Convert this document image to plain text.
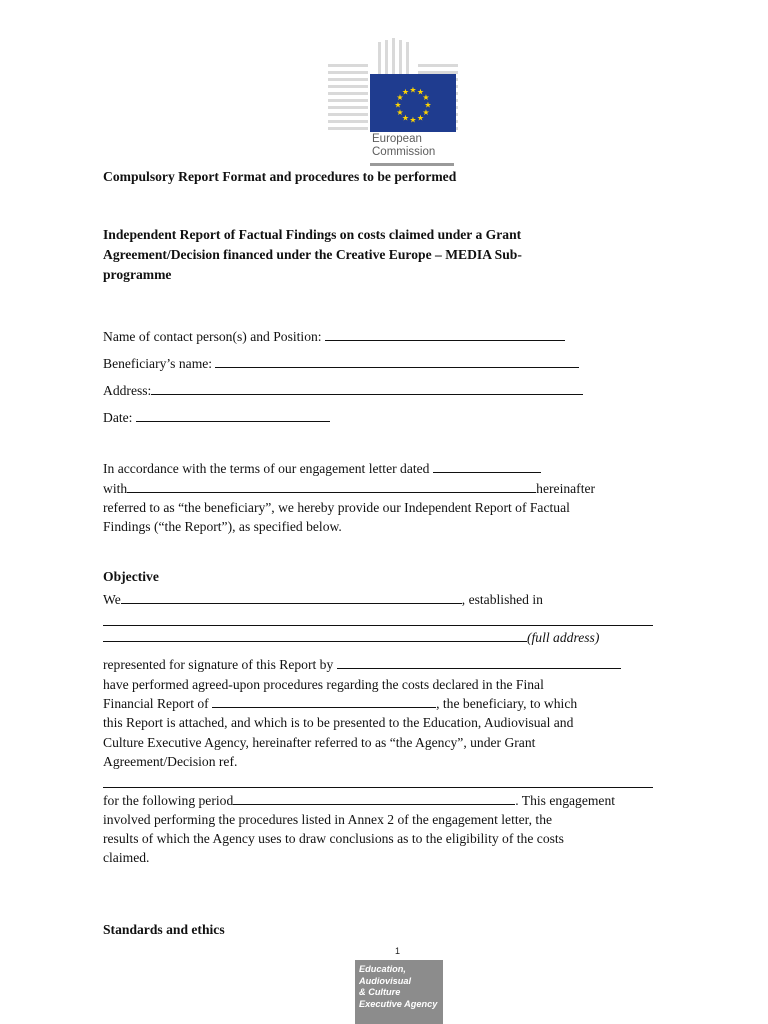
★ ★
★
★
★
★
★
★
★
★
★
★
European
Commission
Compulsory Report Format and procedures to be performed
Independent Report of Factual Findings on costs claimed under a Grant
Agreement/Decision financed under the Creative Europe – MEDIA Sub-
programme
Name of contact person(s) and Position:
Beneficiary’s name:
Address:
Date:
In accordance with the terms of our engagement letter dated
with	hereinafter
referred to as “the beneficiary”, we hereby provide our Independent Report of Factual
Findings (“the Report”), as specified below.
Objective
We	, established in
(full address)
represented for signature of this Report by
have performed agreed-upon procedures regarding the costs declared in the Final
Financial Report of	, the beneficiary, to which
this Report is attached, and which is to be presented to the Education, Audiovisual and
Culture Executive Agency, hereinafter referred to as “the Agency”, under Grant
Agreement/Decision ref.
for the following period	. This engagement
involved performing the procedures listed in Annex 2 of the engagement letter, the
results of which the Agency uses to draw conclusions as to the eligibility of the costs
claimed.
Standards and ethics
1
Education,
Audiovisual
& Culture
Executive Agency
